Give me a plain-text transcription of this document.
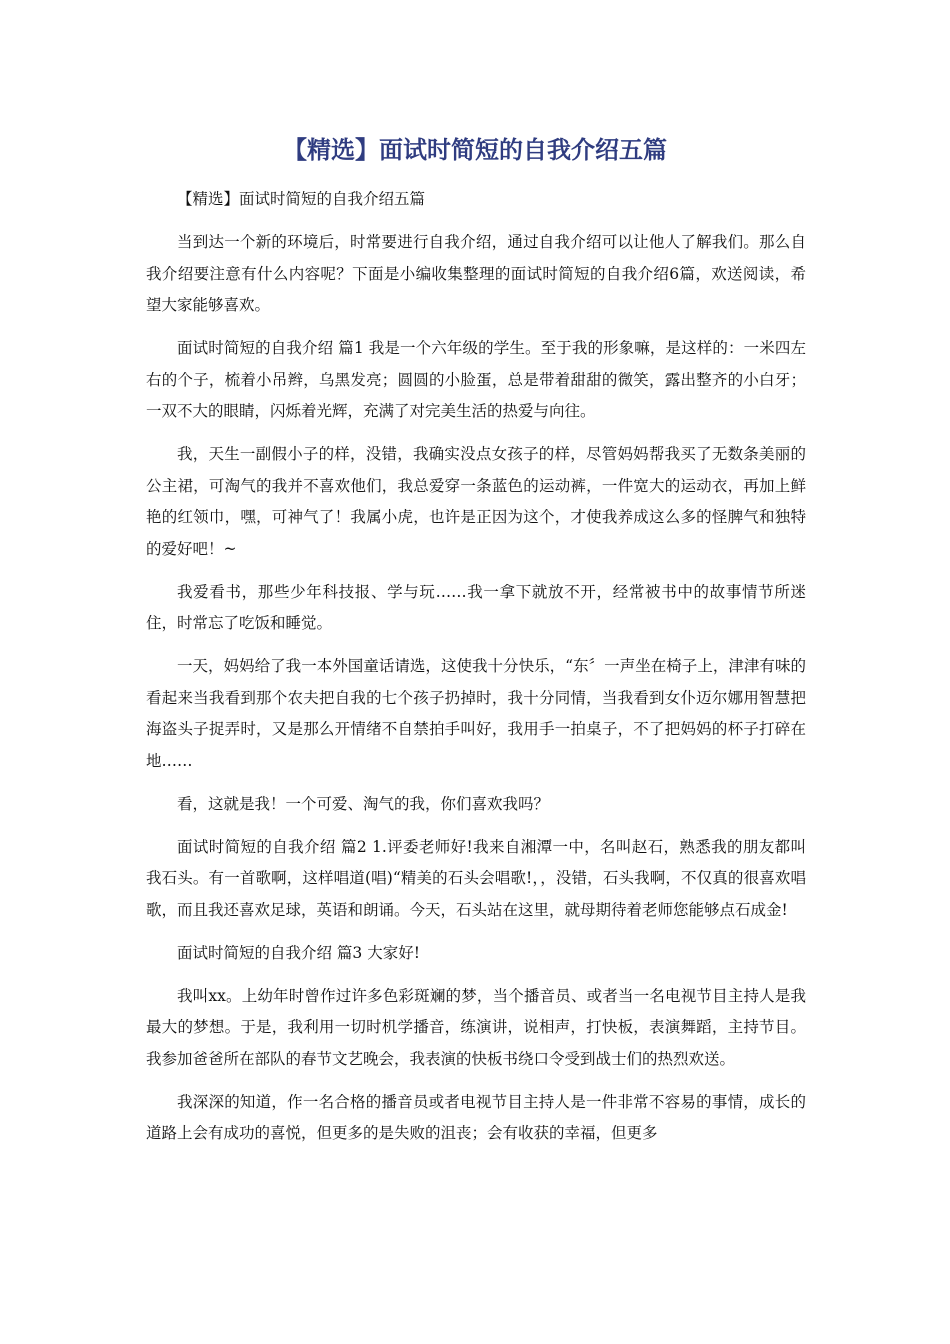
【精选】面试时简短的自我介绍五篇

【精选】面试时简短的自我介绍五篇

当到达一个新的环境后，时常要进行自我介绍，通过自我介绍可以让他人了解我们。那么自我介绍要注意有什么内容呢？下面是小编收集整理的面试时简短的自我介绍6篇，欢送阅读，希望大家能够喜欢。

面试时简短的自我介绍 篇1 我是一个六年级的学生。至于我的形象嘛，是这样的：一米四左右的个子，梳着小吊辫，乌黑发亮；圆圆的小脸蛋，总是带着甜甜的微笑，露出整齐的小白牙；一双不大的眼睛，闪烁着光辉，充满了对完美生活的热爱与向往。

我，天生一副假小子的样，没错，我确实没点女孩子的样，尽管妈妈帮我买了无数条美丽的公主裙，可淘气的我并不喜欢他们，我总爱穿一条蓝色的运动裤，一件宽大的运动衣，再加上鲜艳的红领巾，嘿，可神气了！我属小虎，也许是正因为这个，才使我养成这么多的怪脾气和独特的爱好吧！~

我爱看书，那些少年科技报、学与玩……我一拿下就放不开，经常被书中的故事情节所迷住，时常忘了吃饭和睡觉。

一天，妈妈给了我一本外国童话请选，这使我十分快乐，“东〞一声坐在椅子上，津津有味的看起来当我看到那个农夫把自我的七个孩子扔掉时，我十分同情，当我看到女仆迈尔娜用智慧把海盗头子捉弄时，又是那么开情绪不自禁拍手叫好，我用手一拍桌子，不了把妈妈的杯子打碎在地……

看，这就是我！一个可爱、淘气的我，你们喜欢我吗？

面试时简短的自我介绍 篇2 1.评委老师好!我来自湘潭一中，名叫赵石，熟悉我的朋友都叫我石头。有一首歌啊，这样唱道(唱)“精美的石头会唱歌!，，没错，石头我啊，不仅真的很喜欢唱歌，而且我还喜欢足球，英语和朗诵。今天，石头站在这里，就母期待着老师您能够点石成金!

面试时简短的自我介绍 篇3 大家好!

我叫xx。上幼年时曾作过许多色彩斑斓的梦，当个播音员、或者当一名电视节目主持人是我最大的梦想。于是，我利用一切时机学播音，练演讲，说相声，打快板，表演舞蹈，主持节目。我参加爸爸所在部队的春节文艺晚会，我表演的快板书绕口令受到战士们的热烈欢送。

我深深的知道，作一名合格的播音员或者电视节目主持人是一件非常不容易的事情，成长的道路上会有成功的喜悦，但更多的是失败的沮丧；会有收获的幸福，但更多
